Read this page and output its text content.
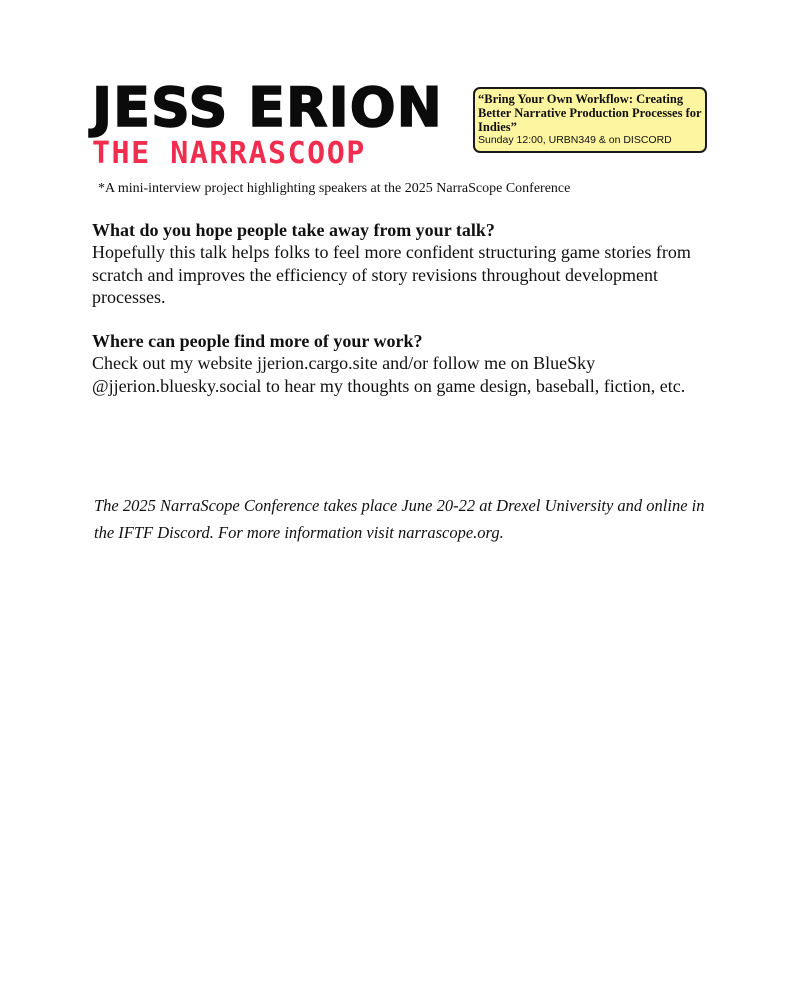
JESS ERION
THE NARRASCOOP

“Bring Your Own Workflow: Creating Better Narrative Production Processes for Indies”

Sunday 12:00, URBN349 & on DISCORD

*A mini-interview project highlighting speakers at the 2025 NarraScope Conference

What do you hope people take away from your talk?

Hopefully this talk helps folks to feel more confident structuring game stories from scratch and improves the efficiency of story revisions throughout development processes.

Where can people find more of your work?

Check out my website jjerion.cargo.site and/or follow me on BlueSky @jjerion.bluesky.social to hear my thoughts on game design, baseball, fiction, etc.

The 2025 NarraScope Conference takes place June 20-22 at Drexel University and online in the IFTF Discord. For more information visit narrascope.org.
